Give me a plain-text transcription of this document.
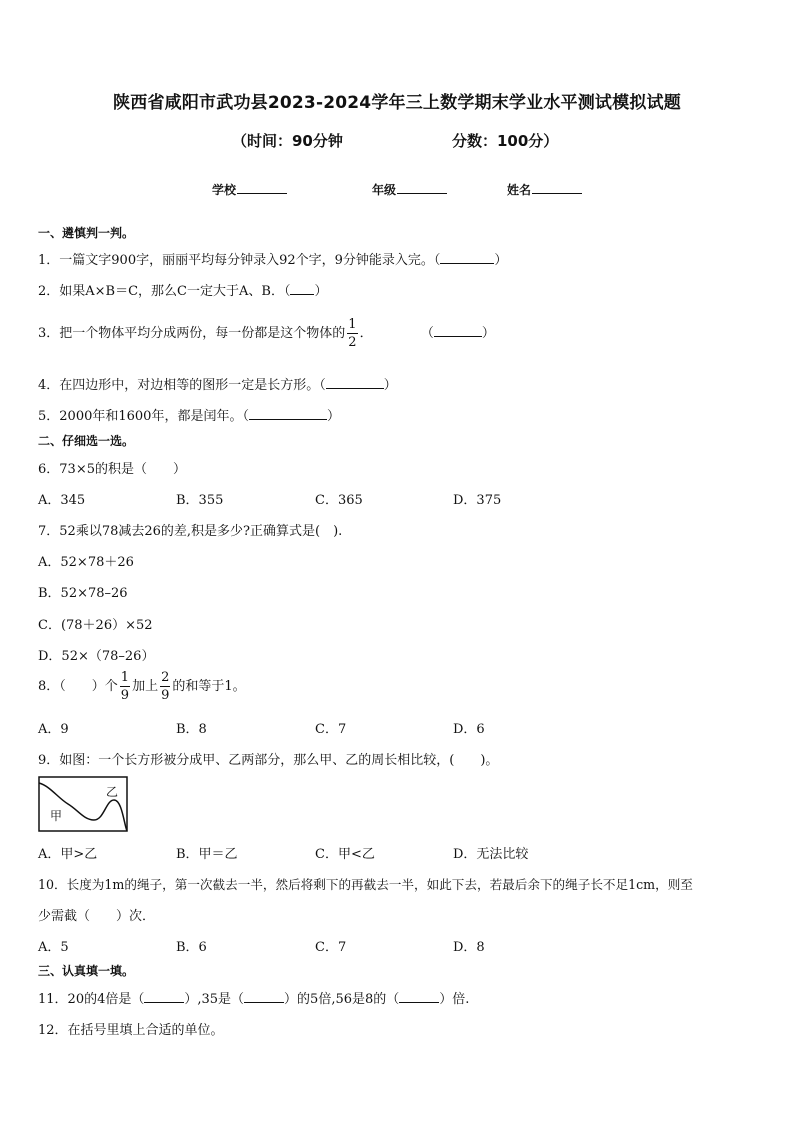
陕西省咸阳市武功县2023-2024学年三上数学期末学业水平测试模拟试题
（时间：90分钟	分数：100分）
学校	年级	姓名
一、遴慎判一判。
1．一篇文字900字，丽丽平均每分钟录入92个字，9分钟能录入完。（	）
2．如果A×B＝C，那么C一定大于A、B．（ ）
3．把一个物体平均分成两份，每一份都是这个物体的 $\frac{1}{2}$ ．	（	）
4．在四边形中，对边相等的图形一定是长方形。（	）
5．2000年和1600年，都是闰年。（	）
二、仔细选一选。
6．73×5的积是（　　）
A．345	B．355	C．365	D．375
7．52乘以78减去26的差,积是多少?正确算式是(　).
A．52×78＋26
B．52×78–26
C．(78＋26）×52
D．52×（78–26）
8．（　　）个 $\frac{1}{9}$ 加上 $\frac{2}{9}$ 的和等于1。
A．9	B．8	C．7	D．6
9．如图：一个长方形被分成甲、乙两部分，那么甲、乙的周长相比较，(　　)。
甲
乙
A．甲>乙	B．甲＝乙	C．甲<乙	D．无法比较
10．长度为1m的绳子，第一次截去一半，然后将剩下的再截去一半，如此下去，若最后余下的绳子长不足1cm，则至
少需截（　　）次．
A．5	B．6	C．7	D．8
三、认真填一填。
11．20的4倍是（	）,35是（	）的5倍,56是8的（	）倍.
12．在括号里填上合适的单位。
